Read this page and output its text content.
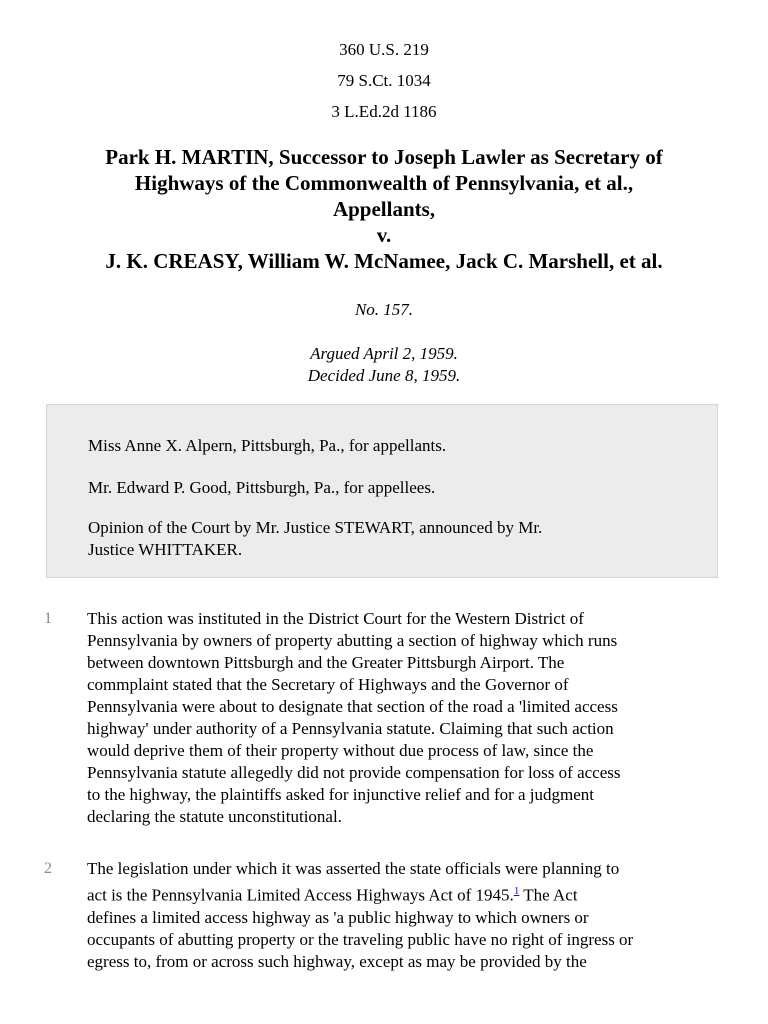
360 U.S. 219
79 S.Ct. 1034
3 L.Ed.2d 1186
Park H. MARTIN, Successor to Joseph Lawler as Secretary of
Highways of the Commonwealth of Pennsylvania, et al.,
Appellants,
v.
J. K. CREASY, William W. McNamee, Jack C. Marshell, et al.
No. 157.
Argued April 2, 1959.
Decided June 8, 1959.
Miss Anne X. Alpern, Pittsburgh, Pa., for appellants.
Mr. Edward P. Good, Pittsburgh, Pa., for appellees.
Opinion of the Court by Mr. Justice STEWART, announced by Mr.
Justice WHITTAKER.
1 This action was instituted in the District Court for the Western District of
Pennsylvania by owners of property abutting a section of highway which runs
between downtown Pittsburgh and the Greater Pittsburgh Airport. The
commplaint stated that the Secretary of Highways and the Governor of
Pennsylvania were about to designate that section of the road a 'limited access
highway' under authority of a Pennsylvania statute. Claiming that such action
would deprive them of their property without due process of law, since the
Pennsylvania statute allegedly did not provide compensation for loss of access
to the highway, the plaintiffs asked for injunctive relief and for a judgment
declaring the statute unconstitutional.
2 The legislation under which it was asserted the state officials were planning to
act is the Pennsylvania Limited Access Highways Act of 1945.$^1$ The Act
defines a limited access highway as 'a public highway to which owners or
occupants of abutting property or the traveling public have no right of ingress or
egress to, from or across such highway, except as may be provided by the
